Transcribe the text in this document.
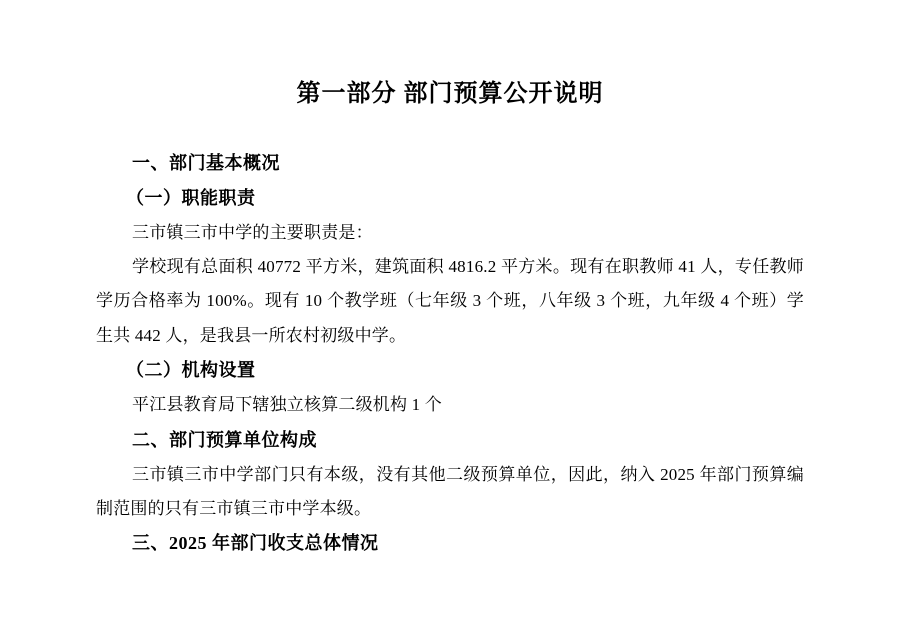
第一部分 部门预算公开说明

一、部门基本概况

（一）职能职责

三市镇三市中学的主要职责是：

学校现有总面积 40772 平方米，建筑面积 4816.2 平方米。现有在职教师 41 人，专任教师学历合格率为 100%。现有 10 个教学班（七年级 3 个班，八年级 3 个班，九年级 4 个班）学生共 442 人，是我县一所农村初级中学。

（二）机构设置

平江县教育局下辖独立核算二级机构 1 个

二、部门预算单位构成

三市镇三市中学部门只有本级，没有其他二级预算单位，因此，纳入 2025 年部门预算编制范围的只有三市镇三市中学本级。

三、2025 年部门收支总体情况
